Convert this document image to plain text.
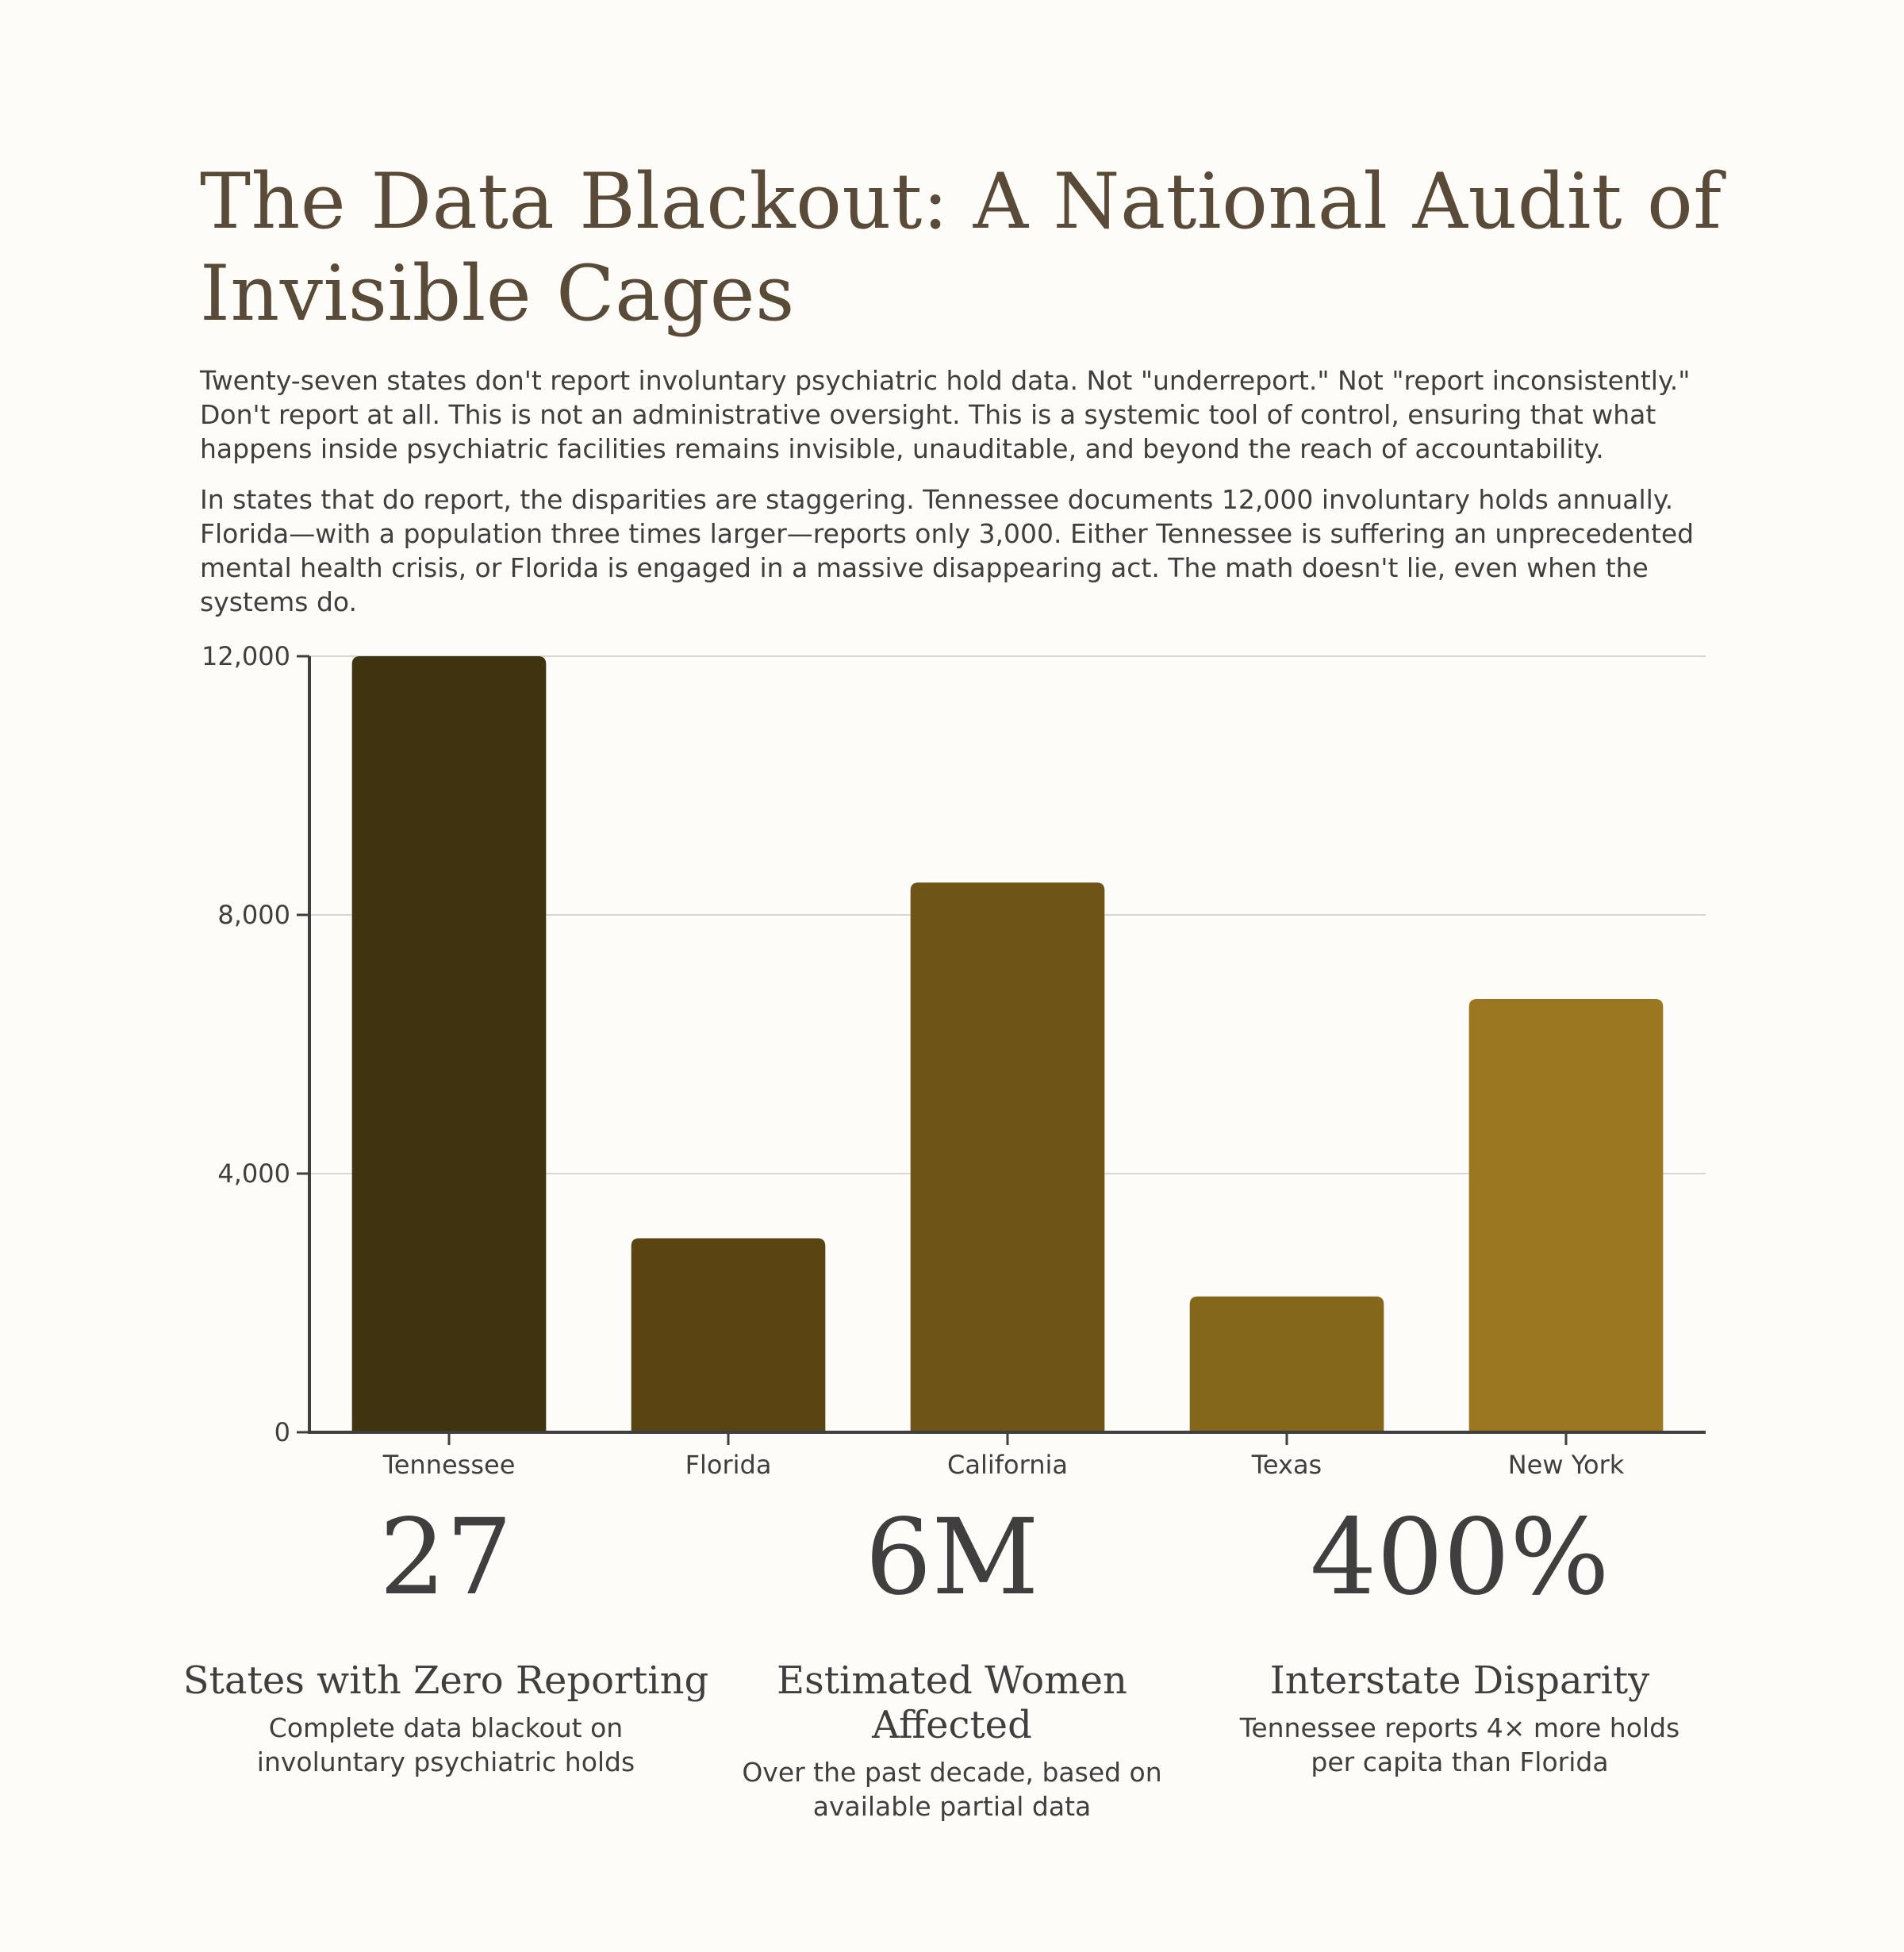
The Data Blackout: A National Audit of Invisible Cages

Twenty-seven states don't report involuntary psychiatric hold data. Not "underreport." Not "report inconsistently." Don't report at all. This is not an administrative oversight. This is a systemic tool of control, ensuring that what happens inside psychiatric facilities remains invisible, unauditable, and beyond the reach of accountability.

In states that do report, the disparities are staggering. Tennessee documents 12,000 involuntary holds annually. Florida—with a population three times larger—reports only 3,000. Either Tennessee is suffering an unprecedented mental health crisis, or Florida is engaged in a massive disappearing act. The math doesn't lie, even when the systems do.

0
4,000
8,000
12,000
Tennessee	Florida	California	Texas	New York
27
States with Zero Reporting
Complete data blackout on involuntary psychiatric holds
6M
Estimated Women Affected
Over the past decade, based on available partial data
400%
Interstate Disparity
Tennessee reports 4× more holds per capita than Florida
